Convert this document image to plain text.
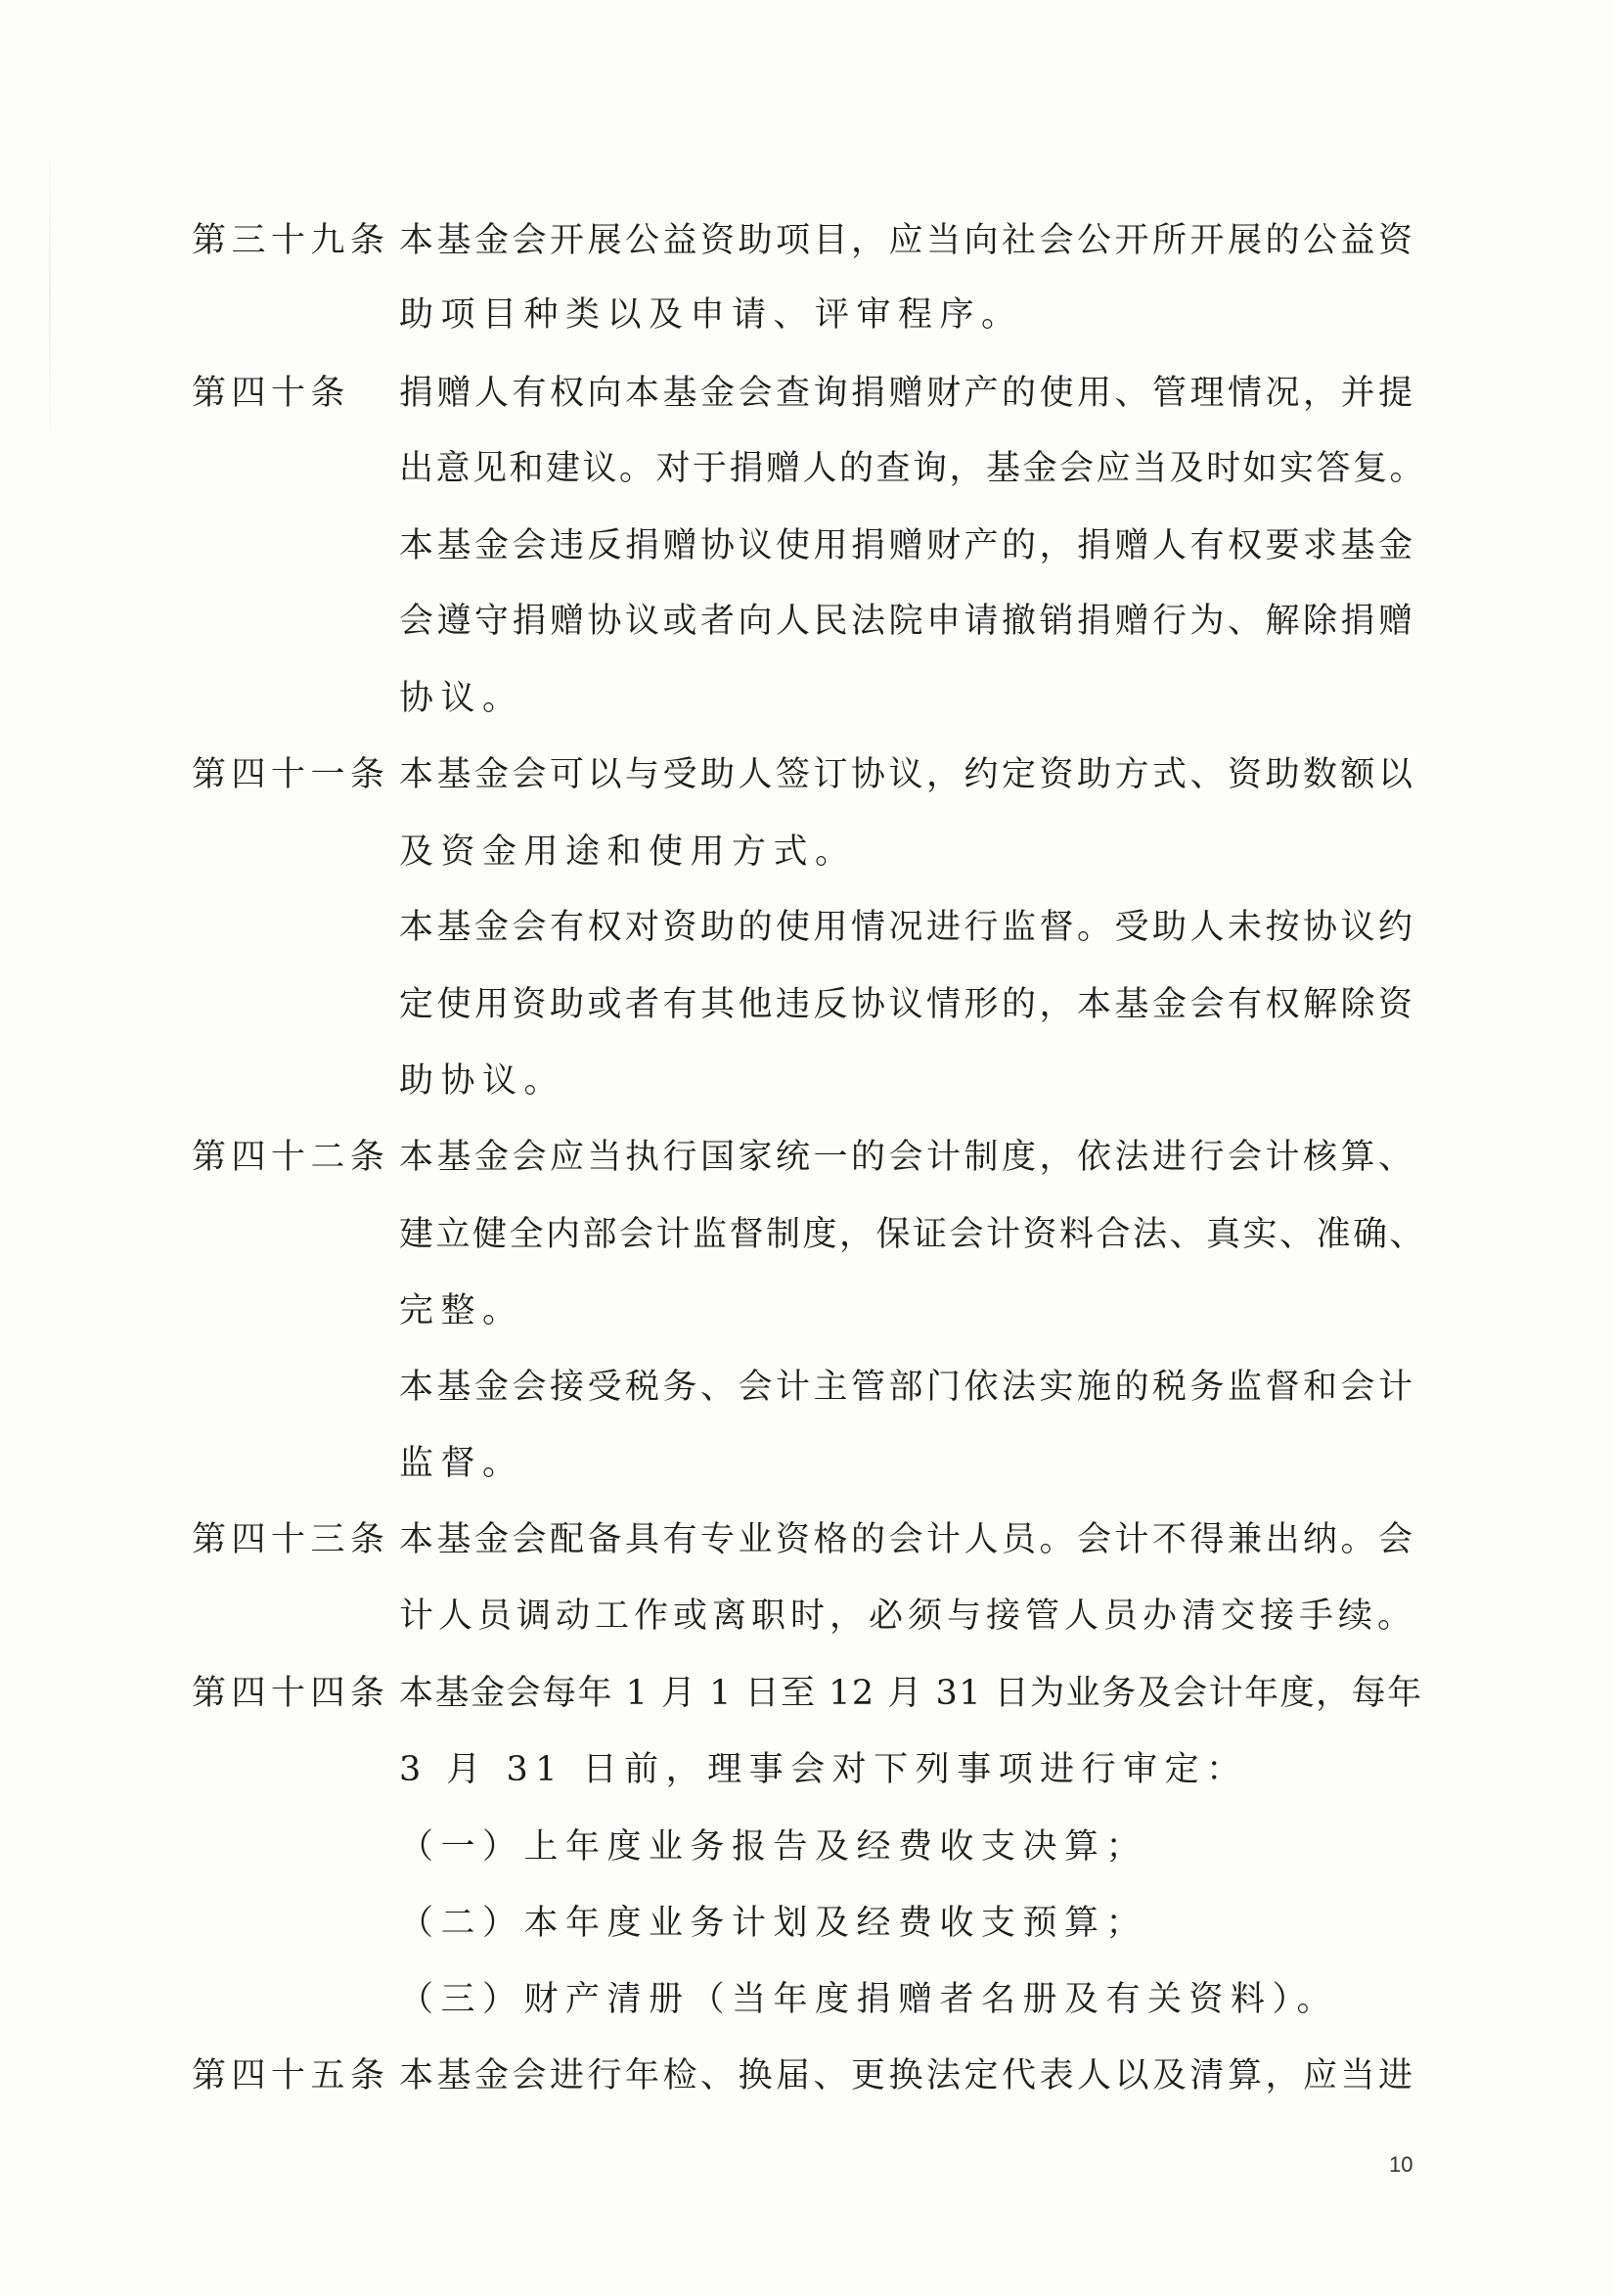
第三十九条 本基金会开展公益资助项目，应当向社会公开所开展的公益资
助项目种类以及申请、评审程序。
第四十条 捐赠人有权向本基金会查询捐赠财产的使用、管理情况，并提
出意见和建议。对于捐赠人的查询，基金会应当及时如实答复。
本基金会违反捐赠协议使用捐赠财产的，捐赠人有权要求基金
会遵守捐赠协议或者向人民法院申请撤销捐赠行为、解除捐赠
协议。
第四十一条 本基金会可以与受助人签订协议，约定资助方式、资助数额以
及资金用途和使用方式。
本基金会有权对资助的使用情况进行监督。受助人未按协议约
定使用资助或者有其他违反协议情形的，本基金会有权解除资
助协议。
第四十二条 本基金会应当执行国家统一的会计制度，依法进行会计核算、
建立健全内部会计监督制度，保证会计资料合法、真实、准确、
完整。
本基金会接受税务、会计主管部门依法实施的税务监督和会计
监督。
第四十三条 本基金会配备具有专业资格的会计人员。会计不得兼出纳。会
计人员调动工作或离职时，必须与接管人员办清交接手续。
第四十四条 本基金会每年 1 月 1 日至 12 月 31 日为业务及会计年度，每年
3 月 31 日前，理事会对下列事项进行审定：
（一）上年度业务报告及经费收支决算；
（二）本年度业务计划及经费收支预算；
（三）财产清册（当年度捐赠者名册及有关资料）。
第四十五条 本基金会进行年检、换届、更换法定代表人以及清算，应当进
10
